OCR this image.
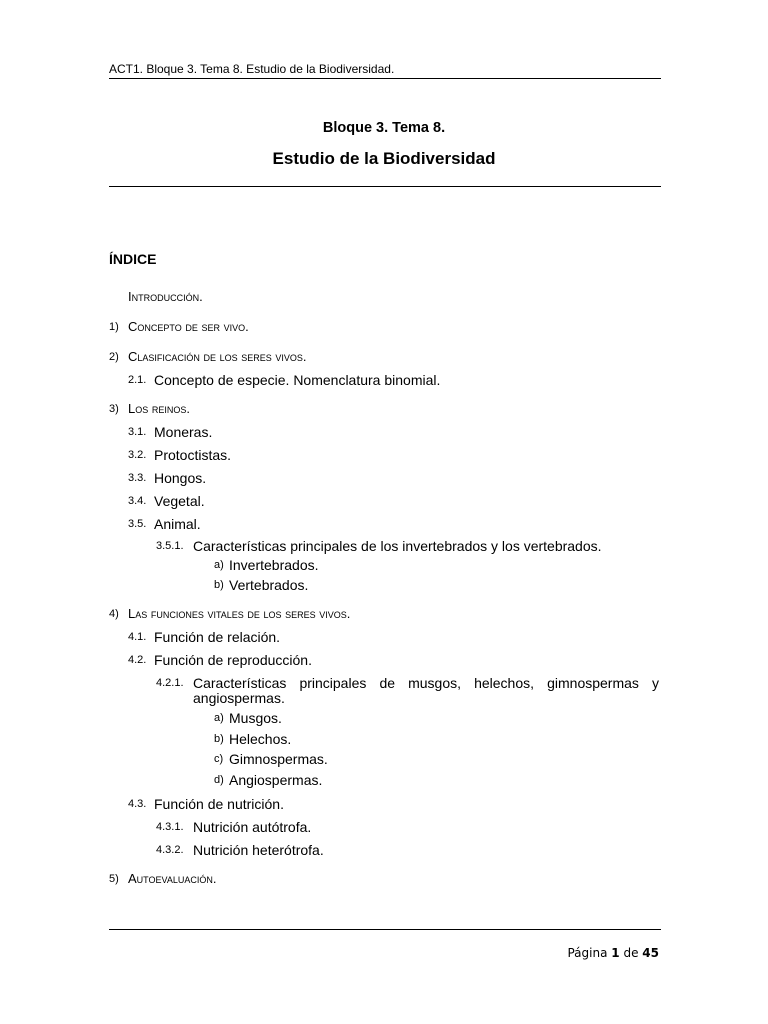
ACT1. Bloque 3. Tema 8. Estudio de la Biodiversidad.
Bloque 3. Tema 8.
Estudio de la Biodiversidad
ÍNDICE
Introducción.
1) Concepto de ser vivo.
2) Clasificación de los seres vivos.
2.1. Concepto de especie. Nomenclatura binomial.
3) Los reinos.
3.1. Moneras.
3.2. Protoctistas.
3.3. Hongos.
3.4. Vegetal.
3.5. Animal.
3.5.1. Características principales de los invertebrados y los vertebrados.
a) Invertebrados.
b) Vertebrados.
4) Las funciones vitales de los seres vivos.
4.1. Función de relación.
4.2. Función de reproducción.
4.2.1. Características principales de musgos, helechos, gimnospermas y
angiospermas.
a) Musgos.
b) Helechos.
c) Gimnospermas.
d) Angiospermas.
4.3. Función de nutrición.
4.3.1. Nutrición autótrofa.
4.3.2. Nutrición heterótrofa.
5) Autoevaluación.
Página 1 de 45
